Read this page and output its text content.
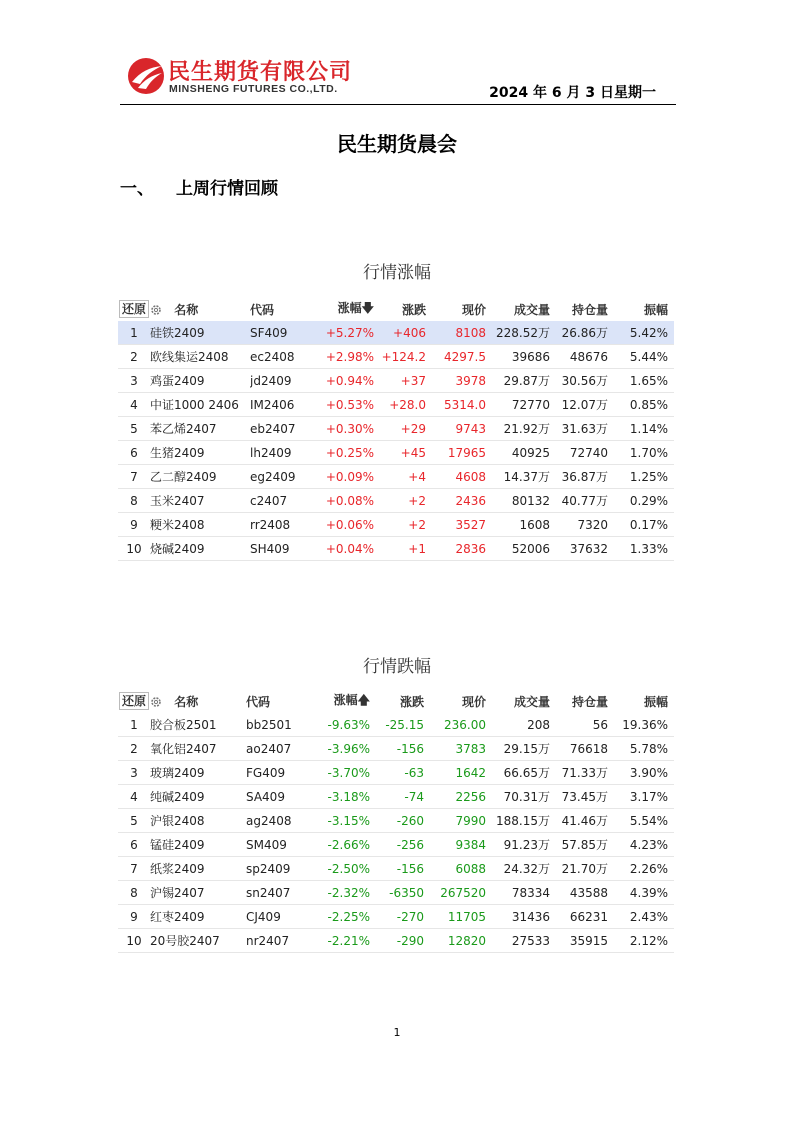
民生期货有限公司
MINSHENG FUTURES CO.,LTD.	2024 年 6 月 3 日星期一
民生期货晨会
一、 上周行情回顾
行情涨幅
还原	名称	代码	涨幅🡇	涨跌	现价	成交量	持仓量	振幅
1	硅铁2409	SF409	+5.27%	+406	8108	228.52万	26.86万	5.42%
2	欧线集运2408	ec2408	+2.98%	+124.2	4297.5	39686	48676	5.44%
3	鸡蛋2409	jd2409	+0.94%	+37	3978	29.87万	30.56万	1.65%
4	中证1000 2406	IM2406	+0.53%	+28.0	5314.0	72770	12.07万	0.85%
5	苯乙烯2407	eb2407	+0.30%	+29	9743	21.92万	31.63万	1.14%
6	生猪2409	lh2409	+0.25%	+45	17965	40925	72740	1.70%
7	乙二醇2409	eg2409	+0.09%	+4	4608	14.37万	36.87万	1.25%
8	玉米2407	c2407	+0.08%	+2	2436	80132	40.77万	0.29%
9	粳米2408	rr2408	+0.06%	+2	3527	1608	7320	0.17%
10	烧碱2409	SH409	+0.04%	+1	2836	52006	37632	1.33%
行情跌幅
还原	名称	代码	涨幅🡅	涨跌	现价	成交量	持仓量	振幅
1	胶合板2501	bb2501	-9.63%	-25.15	236.00	208	56	19.36%
2	氧化铝2407	ao2407	-3.96%	-156	3783	29.15万	76618	5.78%
3	玻璃2409	FG409	-3.70%	-63	1642	66.65万	71.33万	3.90%
4	纯碱2409	SA409	-3.18%	-74	2256	70.31万	73.45万	3.17%
5	沪银2408	ag2408	-3.15%	-260	7990	188.15万	41.46万	5.54%
6	锰硅2409	SM409	-2.66%	-256	9384	91.23万	57.85万	4.23%
7	纸浆2409	sp2409	-2.50%	-156	6088	24.32万	21.70万	2.26%
8	沪锡2407	sn2407	-2.32%	-6350	267520	78334	43588	4.39%
9	红枣2409	CJ409	-2.25%	-270	11705	31436	66231	2.43%
10	20号胶2407	nr2407	-2.21%	-290	12820	27533	35915	2.12%
1
